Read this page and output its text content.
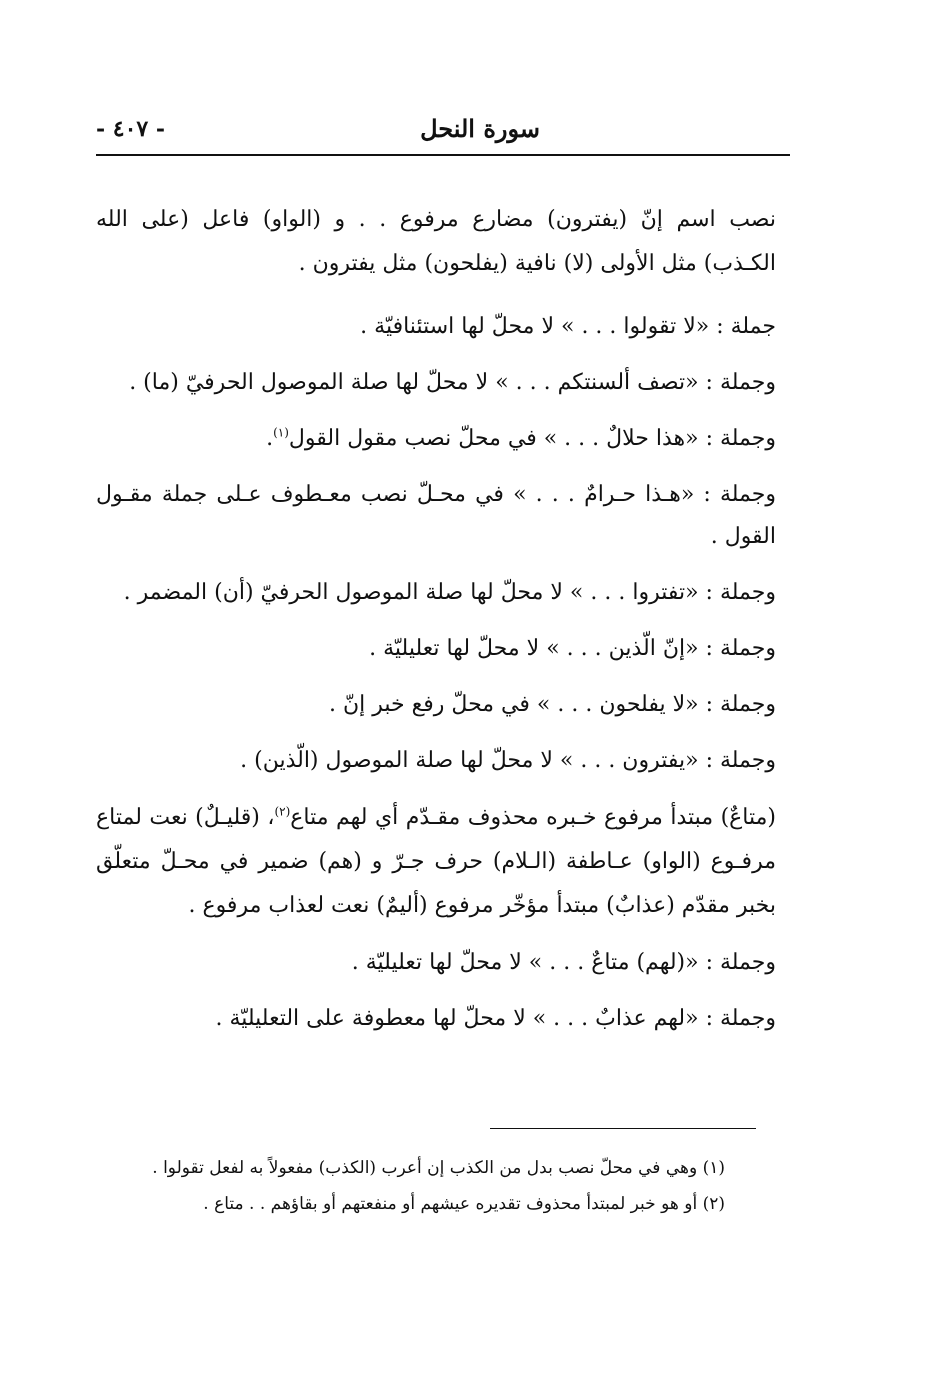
سورة النحل
- ٤٠٧ -

نصب اسم إنّ (يفترون) مضارع مرفوع . . و (الواو) فاعل (على الله الكـذب) مثل الأولى (لا) نافية (يفلحون) مثل يفترون .

جملة : «لا تقولوا . . . » لا محلّ لها استئنافيّة .

وجملة : «تصف ألسنتكم . . . » لا محلّ لها صلة الموصول الحرفيّ (ما) .

وجملة : «هذا حلالٌ . . . » في محلّ نصب مقول القول$^{(١)}$.

وجملة : «هـذا حـرامٌ . . . » في محـلّ نصب معـطوف عـلى جملة مقـول القول .

وجملة : «تفتروا . . . » لا محلّ لها صلة الموصول الحرفيّ (أن) المضمر .

وجملة : «إنّ الّذين . . . » لا محلّ لها تعليليّة .

وجملة : «لا يفلحون . . . » في محلّ رفع خبر إنّ .

وجملة : «يفترون . . . » لا محلّ لها صلة الموصول (الّذين) .

(متاعٌ) مبتدأ مرفوع خـبره محذوف مقـدّم أي لهم متاع$^{(٢)}$، (قليـلٌ) نعت لمتاع مرفـوع (الواو) عـاطفة (الـلام) حرف جـرّ و (هم) ضمير في محـلّ متعلّق بخبر مقدّم (عذابٌ) مبتدأ مؤخّر مرفوع (أليمٌ) نعت لعذاب مرفوع .

وجملة : «(لهم) متاعٌ . . . » لا محلّ لها تعليليّة .

وجملة : «لهم عذابٌ . . . » لا محلّ لها معطوفة على التعليليّة .

(١) وهي في محلّ نصب بدل من الكذب إن أعرب (الكذب) مفعولاً به لفعل تقولوا .

(٢) أو هو خبر لمبتدأ محذوف تقديره عيشهم أو منفعتهم أو بقاؤهم . . متاع .
